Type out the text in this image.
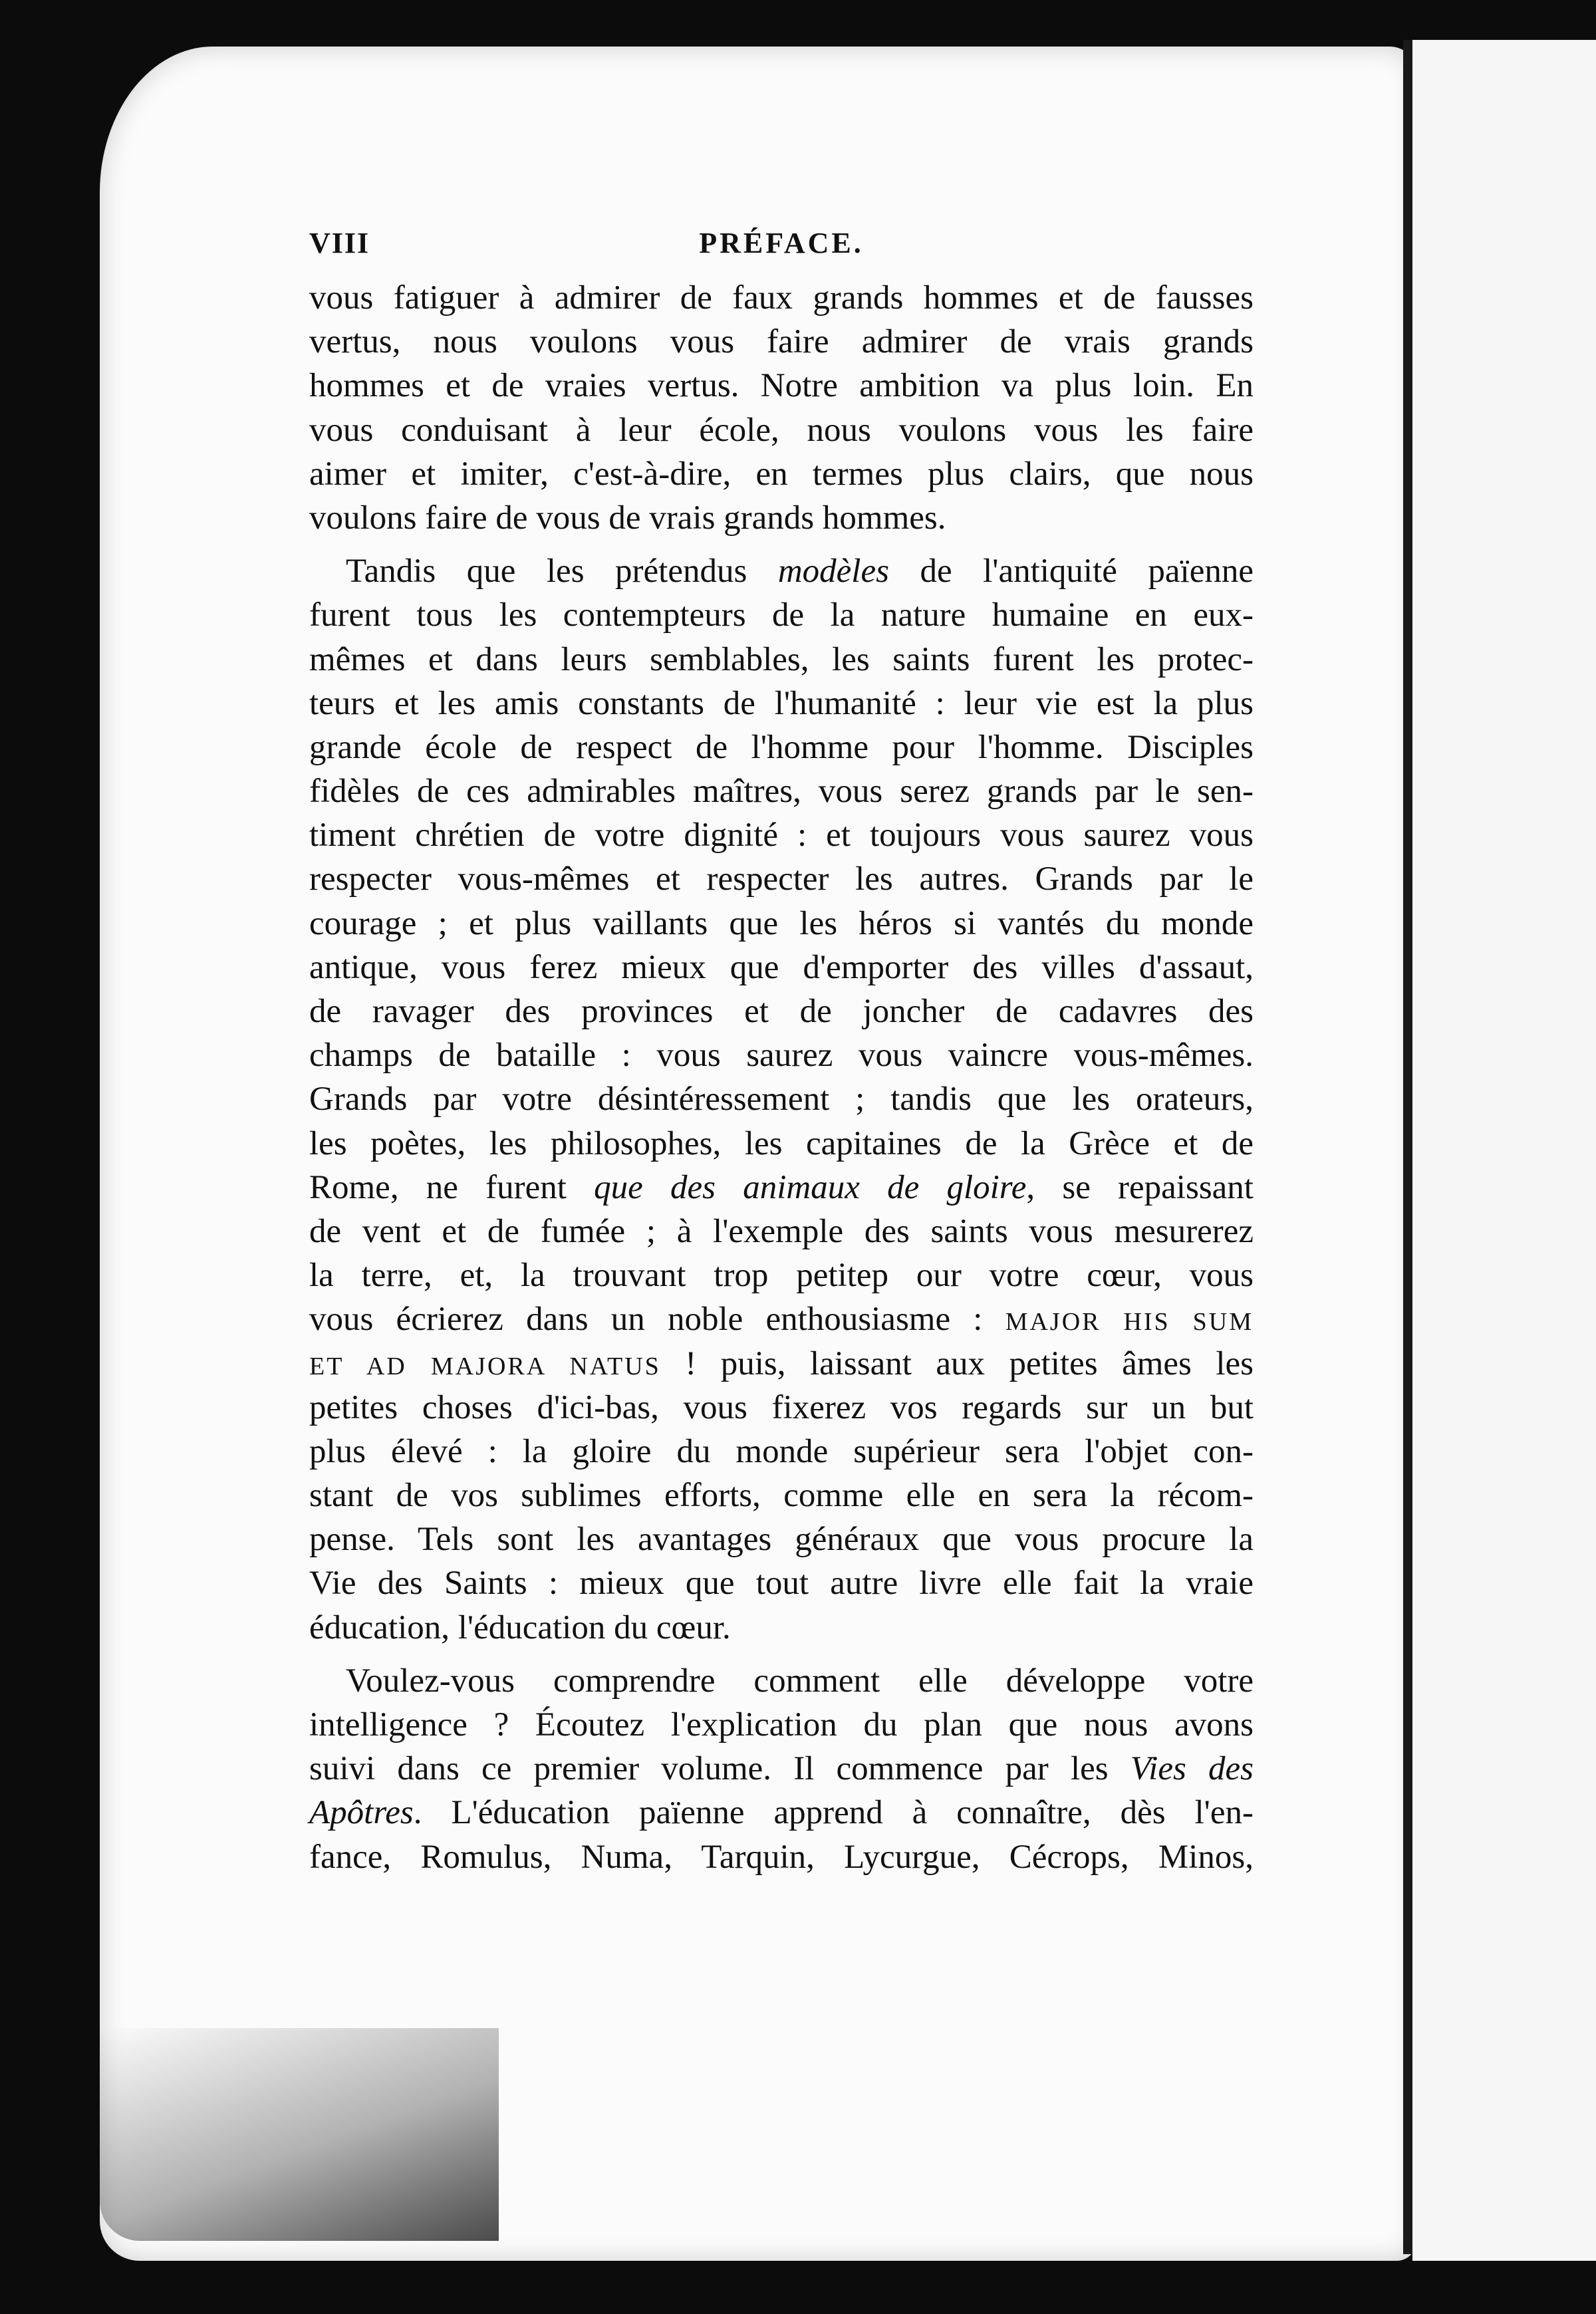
VIII	PRÉFACE.
vous fatiguer à admirer de faux grands hommes et de fausses
vertus, nous voulons vous faire admirer de vrais grands
hommes et de vraies vertus. Notre ambition va plus loin. En
vous conduisant à leur école, nous voulons vous les faire
aimer et imiter, c'est-à-dire, en termes plus clairs, que nous
voulons faire de vous de vrais grands hommes.
Tandis que les prétendus modèles de l'antiquité païenne
furent tous les contempteurs de la nature humaine en eux-
mêmes et dans leurs semblables, les saints furent les protec-
teurs et les amis constants de l'humanité : leur vie est la plus
grande école de respect de l'homme pour l'homme. Disciples
fidèles de ces admirables maîtres, vous serez grands par le sen-
timent chrétien de votre dignité : et toujours vous saurez vous
respecter vous-mêmes et respecter les autres. Grands par le
courage ; et plus vaillants que les héros si vantés du monde
antique, vous ferez mieux que d'emporter des villes d'assaut,
de ravager des provinces et de joncher de cadavres des
champs de bataille : vous saurez vous vaincre vous-mêmes.
Grands par votre désintéressement ; tandis que les orateurs,
les poètes, les philosophes, les capitaines de la Grèce et de
Rome, ne furent que des animaux de gloire, se repaissant
de vent et de fumée ; à l'exemple des saints vous mesurerez
la terre, et, la trouvant trop petitep our votre cœur, vous
vous écrierez dans un noble enthousiasme : MAJOR HIS SUM
ET AD MAJORA NATUS ! puis, laissant aux petites âmes les
petites choses d'ici-bas, vous fixerez vos regards sur un but
plus élevé : la gloire du monde supérieur sera l'objet con-
stant de vos sublimes efforts, comme elle en sera la récom-
pense. Tels sont les avantages généraux que vous procure la
Vie des Saints : mieux que tout autre livre elle fait la vraie
éducation, l'éducation du cœur.
Voulez-vous comprendre comment elle développe votre
intelligence ? Écoutez l'explication du plan que nous avons
suivi dans ce premier volume. Il commence par les Vies des
Apôtres. L'éducation païenne apprend à connaître, dès l'en-
fance, Romulus, Numa, Tarquin, Lycurgue, Cécrops, Minos,
